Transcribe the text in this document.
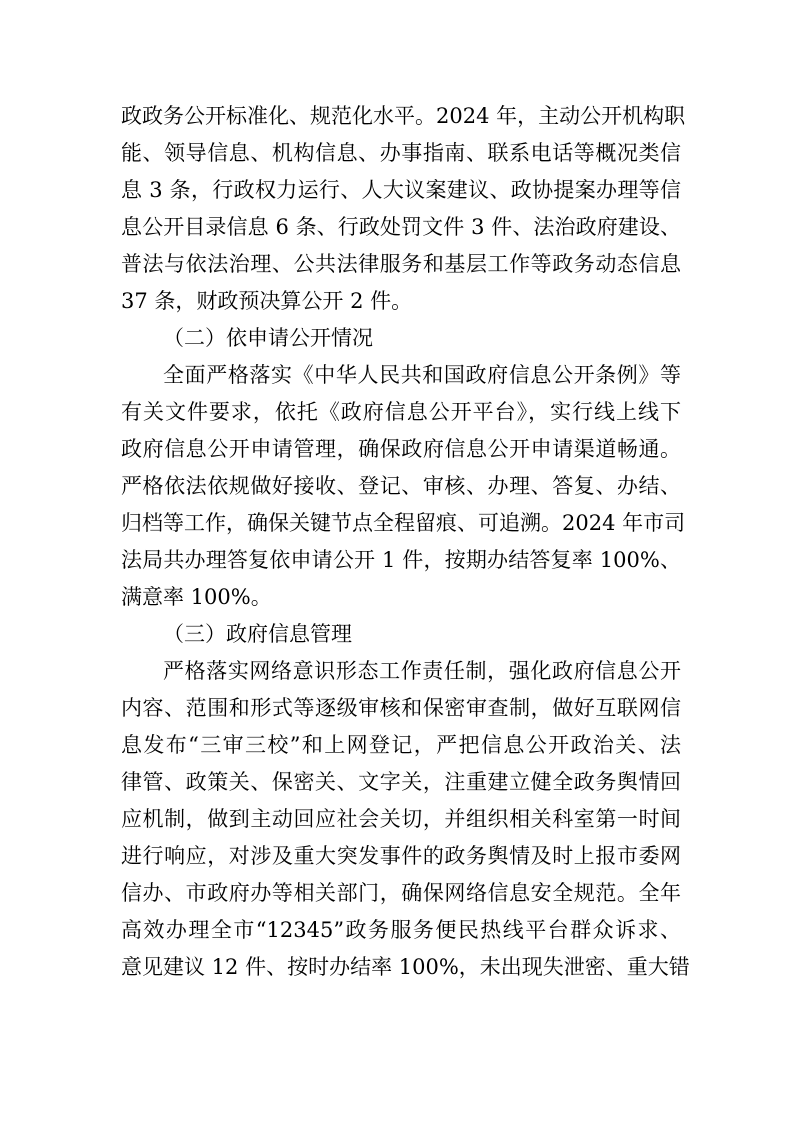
政政务公开标准化、规范化水平。2024 年，主动公开机构职
能、领导信息、机构信息、办事指南、联系电话等概况类信
息 3 条，行政权力运行、人大议案建议、政协提案办理等信
息公开目录信息 6 条、行政处罚文件 3 件、法治政府建设、
普法与依法治理、公共法律服务和基层工作等政务动态信息
37 条，财政预决算公开 2 件。
（二）依申请公开情况
全面严格落实《中华人民共和国政府信息公开条例》等
有关文件要求，依托《政府信息公开平台》，实行线上线下
政府信息公开申请管理，确保政府信息公开申请渠道畅通。
严格依法依规做好接收、登记、审核、办理、答复、办结、
归档等工作，确保关键节点全程留痕、可追溯。2024 年市司
法局共办理答复依申请公开 1 件，按期办结答复率 100%、
满意率 100%。
（三）政府信息管理
严格落实网络意识形态工作责任制，强化政府信息公开
内容、范围和形式等逐级审核和保密审查制，做好互联网信
息发布“三审三校”和上网登记，严把信息公开政治关、法
律管、政策关、保密关、文字关，注重建立健全政务舆情回
应机制，做到主动回应社会关切，并组织相关科室第一时间
进行响应，对涉及重大突发事件的政务舆情及时上报市委网
信办、市政府办等相关部门，确保网络信息安全规范。全年
高效办理全市“12345”政务服务便民热线平台群众诉求、
意见建议 12 件、按时办结率 100%，未出现失泄密、重大错
